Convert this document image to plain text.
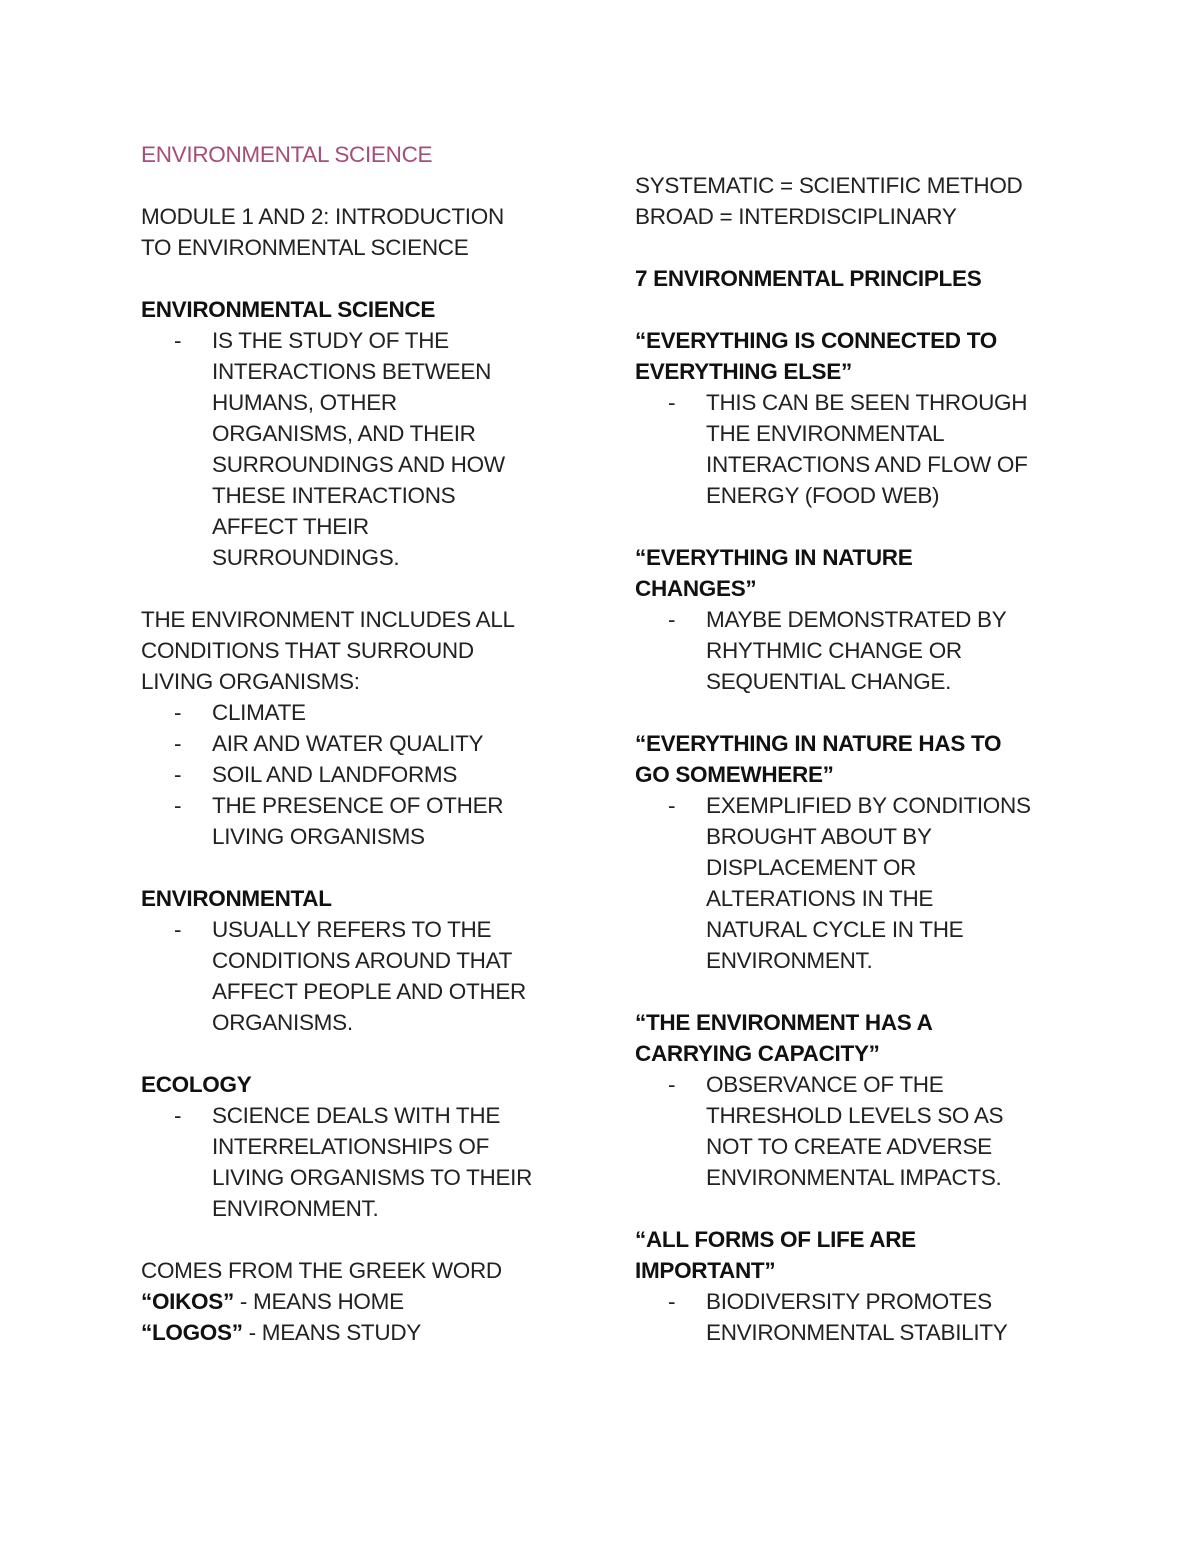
ENVIRONMENTAL SCIENCE
MODULE 1 AND 2: INTRODUCTION
TO ENVIRONMENTAL SCIENCE
ENVIRONMENTAL SCIENCE
- IS THE STUDY OF THE
INTERACTIONS BETWEEN
HUMANS, OTHER
ORGANISMS, AND THEIR
SURROUNDINGS AND HOW
THESE INTERACTIONS
AFFECT THEIR
SURROUNDINGS.
THE ENVIRONMENT INCLUDES ALL
CONDITIONS THAT SURROUND
LIVING ORGANISMS:
- CLIMATE
- AIR AND WATER QUALITY
- SOIL AND LANDFORMS
- THE PRESENCE OF OTHER
LIVING ORGANISMS
ENVIRONMENTAL
- USUALLY REFERS TO THE
CONDITIONS AROUND THAT
AFFECT PEOPLE AND OTHER
ORGANISMS.
ECOLOGY
- SCIENCE DEALS WITH THE
INTERRELATIONSHIPS OF
LIVING ORGANISMS TO THEIR
ENVIRONMENT.
COMES FROM THE GREEK WORD
“OIKOS” - MEANS HOME
“LOGOS” - MEANS STUDY
SYSTEMATIC = SCIENTIFIC METHOD
BROAD = INTERDISCIPLINARY
7 ENVIRONMENTAL PRINCIPLES
“EVERYTHING IS CONNECTED TO
EVERYTHING ELSE”
- THIS CAN BE SEEN THROUGH
THE ENVIRONMENTAL
INTERACTIONS AND FLOW OF
ENERGY (FOOD WEB)
“EVERYTHING IN NATURE
CHANGES”
- MAYBE DEMONSTRATED BY
RHYTHMIC CHANGE OR
SEQUENTIAL CHANGE.
“EVERYTHING IN NATURE HAS TO
GO SOMEWHERE”
- EXEMPLIFIED BY CONDITIONS
BROUGHT ABOUT BY
DISPLACEMENT OR
ALTERATIONS IN THE
NATURAL CYCLE IN THE
ENVIRONMENT.
“THE ENVIRONMENT HAS A
CARRYING CAPACITY”
- OBSERVANCE OF THE
THRESHOLD LEVELS SO AS
NOT TO CREATE ADVERSE
ENVIRONMENTAL IMPACTS.
“ALL FORMS OF LIFE ARE
IMPORTANT”
- BIODIVERSITY PROMOTES
ENVIRONMENTAL STABILITY
